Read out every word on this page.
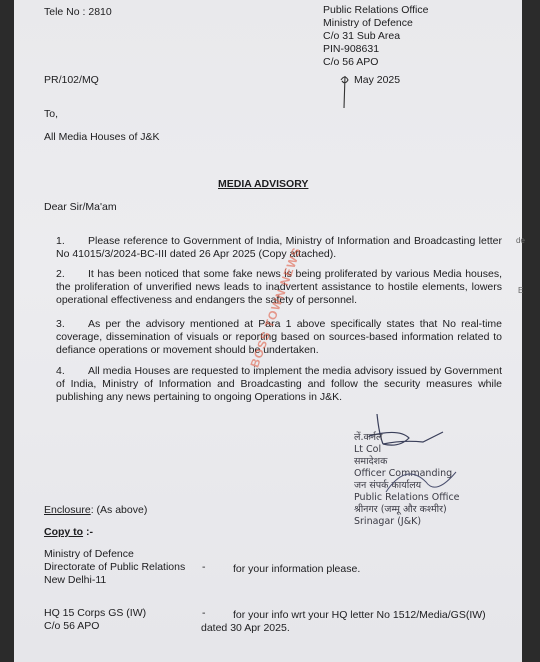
Tele No : 2810	Public Relations Office
Ministry of Defence
C/o 31 Sub Area
PIN-908631
C/o 56 APO
PR/102/MQ	May 2025
To,
All Media Houses of J&K
MEDIA ADVISORY
Dear Sir/Ma'am
1. Please reference to Government of India, Ministry of Information and Broadcasting letter No 41015/3/2024-BC-III dated 26 Apr 2025 (Copy attached).
2. It has been noticed that some fake news is being proliferated by various Media houses, the proliferation of unverified news leads to inadvertent assistance to hostile elements, lowers operational effectiveness and endangers the safety of personnel.
3. As per the advisory mentioned at Para 1 above specifically states that No real-time coverage, dissemination of visuals or reporting based on sources-based information related to defiance operations or movement should be undertaken.
4. All media Houses are requested to implement the media advisory issued by Government of India, Ministry of Information and Broadcasting and follow the security measures while publishing any news pertaining to ongoing Operations in J&K.
BOSS TOWN NEWS
लें.कर्नल
Lt Col
समादेशक
Officer Commanding
जन संपर्क कार्यालय
Public Relations Office
श्रीनगर (जम्मू और कश्मीर)
Srinagar (J&K)
Enclosure: (As above)
Copy to :-
Ministry of Defence
Directorate of Public Relations
New Delhi-11
-	for your information please.
HQ 15 Corps GS (IW)
C/o 56 APO
-	for your info wrt your HQ letter No 1512/Media/GS(IW)
dated 30 Apr 2025.
de
E
